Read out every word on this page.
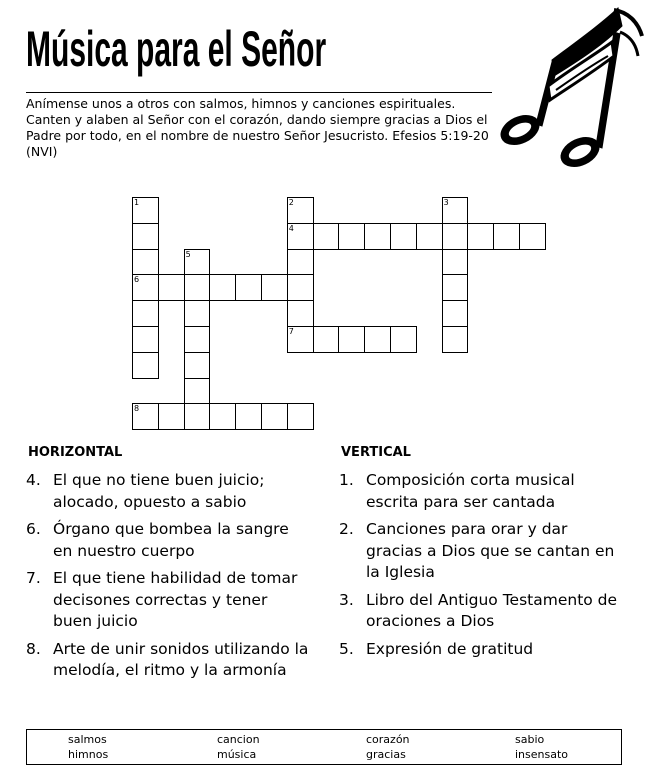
Música para el Señor
Anímense unos a otros con salmos, himnos y canciones espirituales. Canten y alaben al Señor con el corazón, dando siempre gracias a Dios el Padre por todo, en el nombre de nuestro Señor Jesucristo. Efesios 5:19-20 (NVI)
1
6
2
4
7
3
5
8
HORIZONTAL	VERTICAL
4. El que no tiene buen juicio; alocado, opuesto a sabio
6. Órgano que bombea la sangre en nuestro cuerpo
7. El que tiene habilidad de tomar decisones correctas y tener buen juicio
8. Arte de unir sonidos utilizando la melodía, el ritmo y la armonía
1. Composición corta musical escrita para ser cantada
2. Canciones para orar y dar gracias a Dios que se cantan en la Iglesia
3. Libro del Antiguo Testamento de oraciones a Dios
5. Expresión de gratitud
salmos
himnos
cancion
música
corazón
gracias
sabio
insensato
